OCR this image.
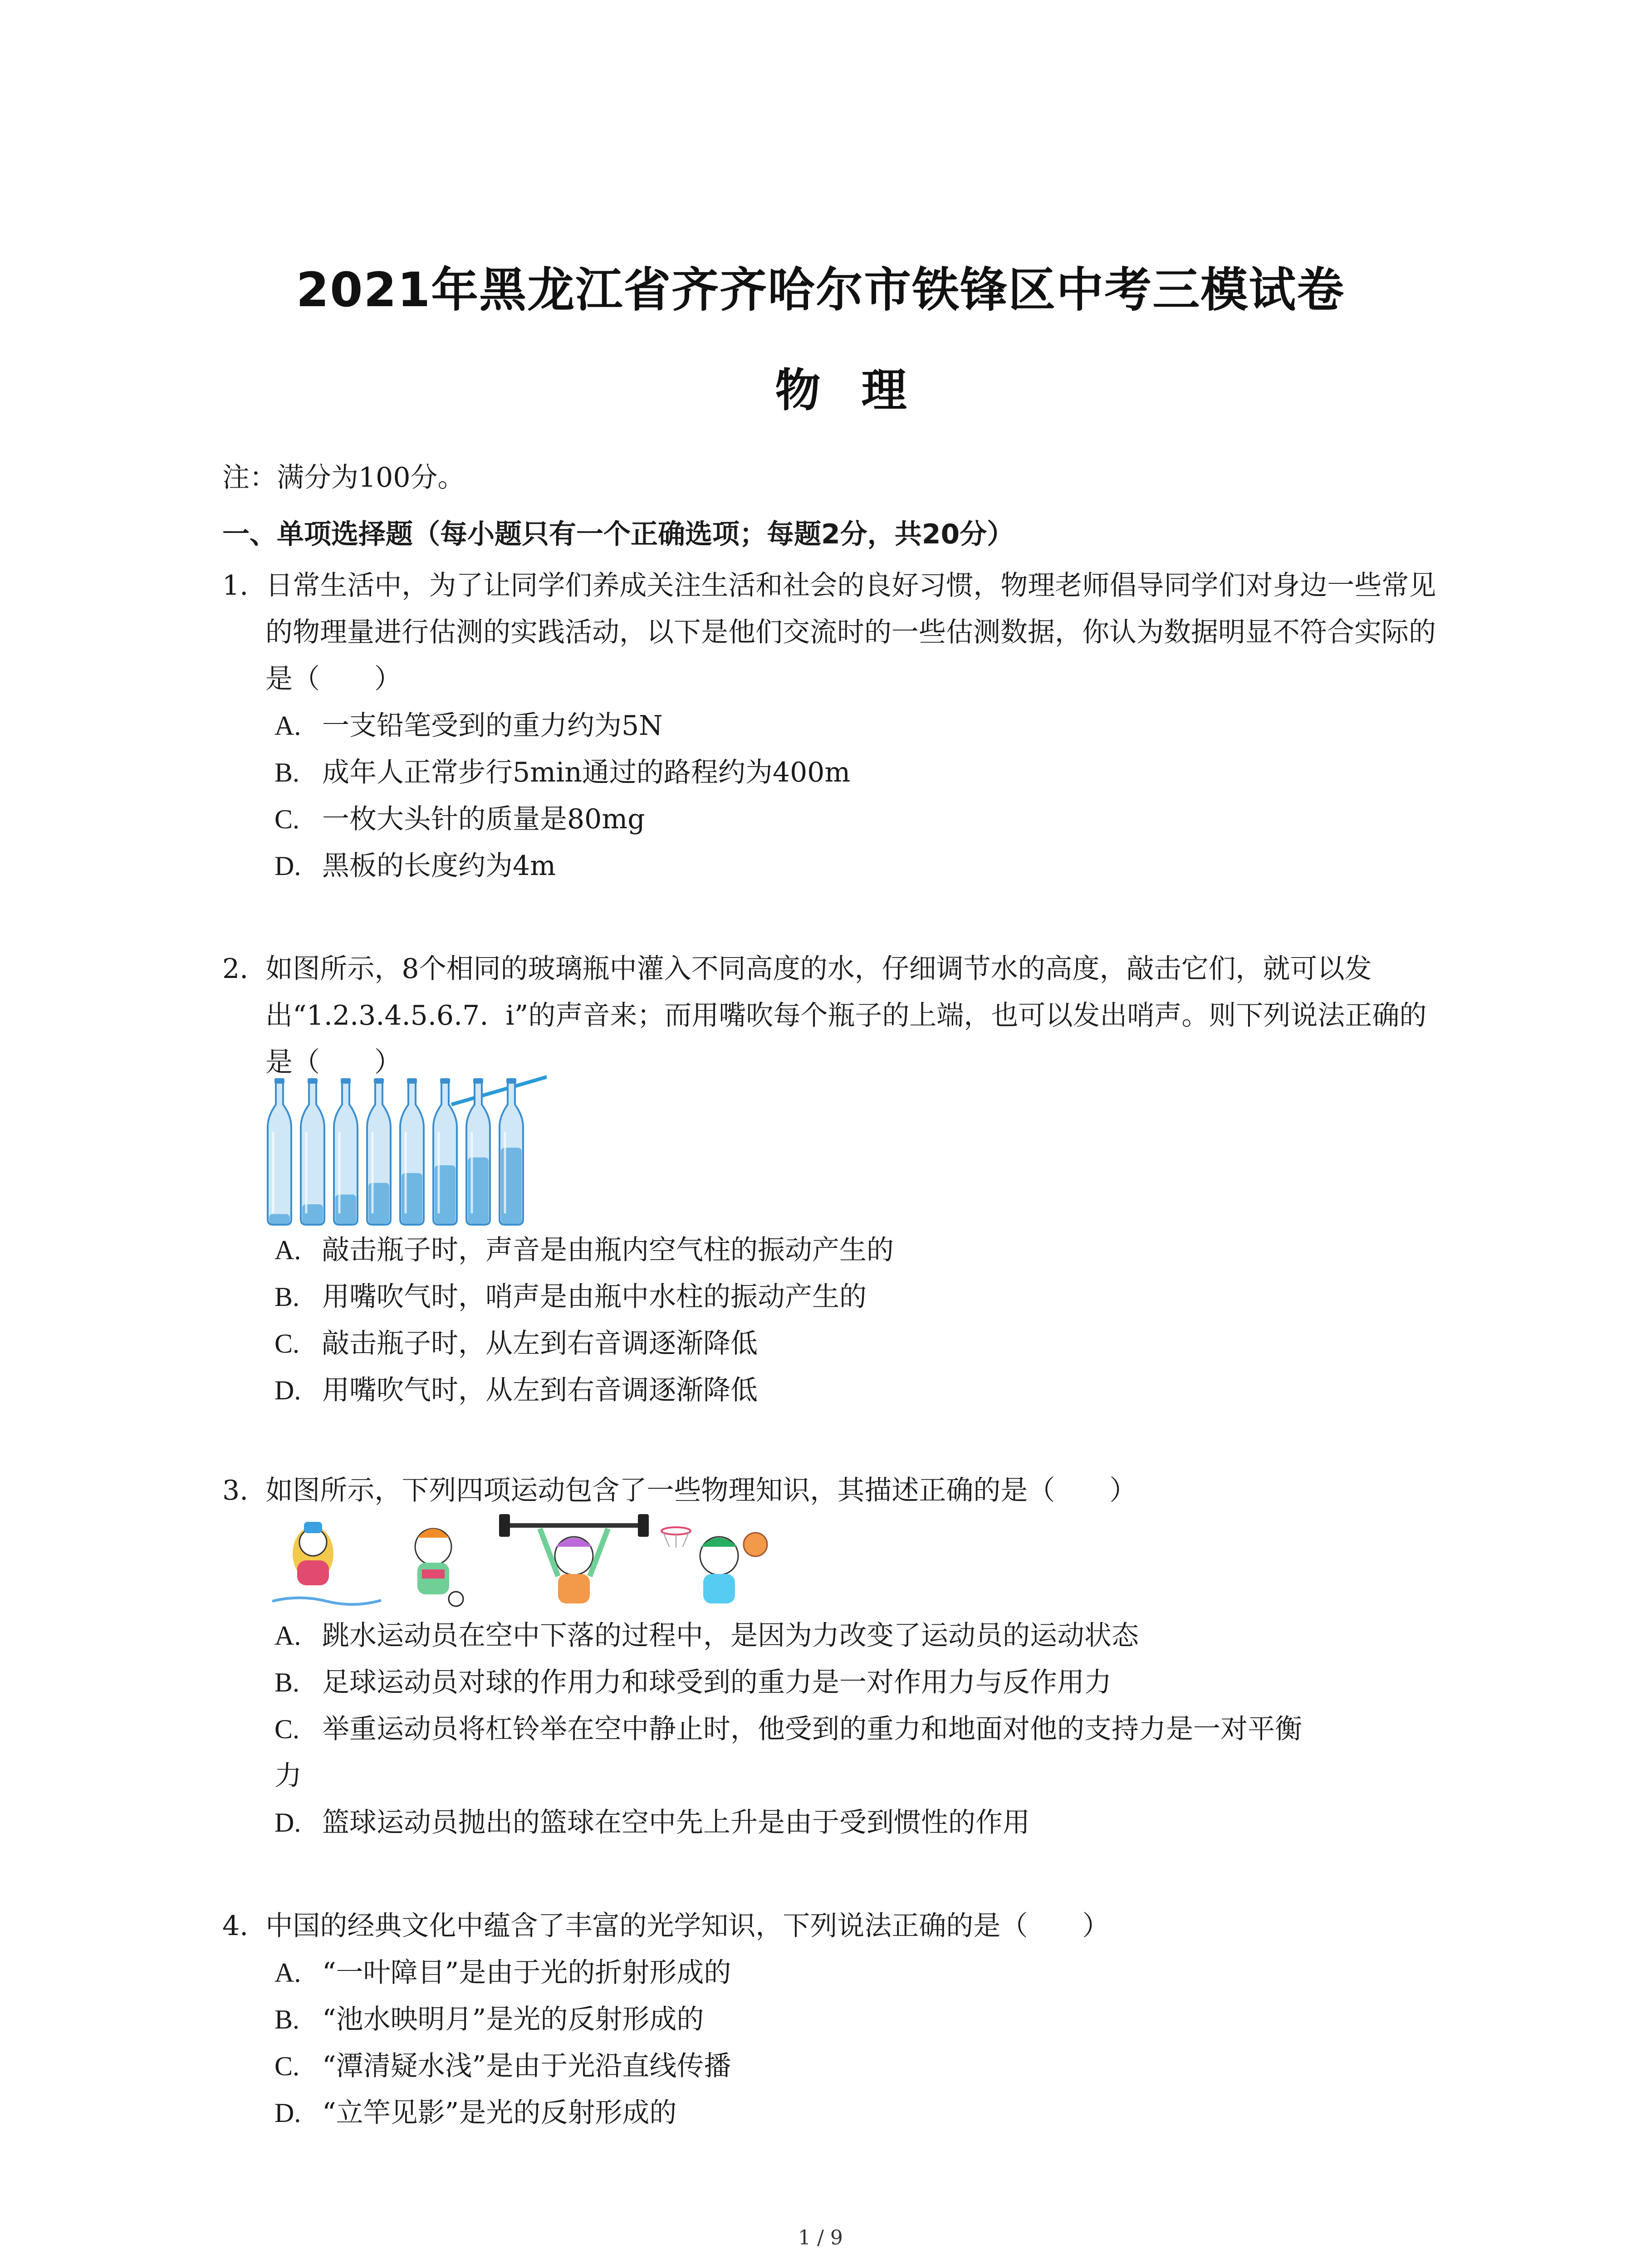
2021年黑龙江省齐齐哈尔市铁锋区中考三模试卷
物理
注：满分为100分。
一、单项选择题（每小题只有一个正确选项；每题2分，共20分）
1.  日常生活中，为了让同学们养成关注生活和社会的良好习惯，物理老师倡导同学们对身边一些常见的物理量进行估测的实践活动，以下是他们交流时的一些估测数据，你认为数据明显不符合实际的是（　　）
A. 一支铅笔受到的重力约为5N
B. 成年人正常步行5min通过的路程约为400m
C. 一枚大头针的质量是80mg
D. 黑板的长度约为4m
2.  如图所示，8个相同的玻璃瓶中灌入不同高度的水，仔细调节水的高度，敲击它们，就可以发出“1.2.3.4.5.6.7.  i”的声音来；而用嘴吹每个瓶子的上端，也可以发出哨声。则下列说法正确的是（　　）
A. 敲击瓶子时，声音是由瓶内空气柱的振动产生的
B. 用嘴吹气时，哨声是由瓶中水柱的振动产生的
C. 敲击瓶子时，从左到右音调逐渐降低
D. 用嘴吹气时，从左到右音调逐渐降低
3.  如图所示，下列四项运动包含了一些物理知识，其描述正确的是（　　）
A. 跳水运动员在空中下落的过程中，是因为力改变了运动员的运动状态
B. 足球运动员对球的作用力和球受到的重力是一对作用力与反作用力
C. 举重运动员将杠铃举在空中静止时，他受到的重力和地面对他的支持力是一对平衡
力
D. 篮球运动员抛出的篮球在空中先上升是由于受到惯性的作用
4.  中国的经典文化中蕴含了丰富的光学知识，下列说法正确的是（　　）
A. “一叶障目”是由于光的折射形成的
B. “池水映明月”是光的反射形成的
C. “潭清疑水浅”是由于光沿直线传播
D. “立竿见影”是光的反射形成的
1 / 9
